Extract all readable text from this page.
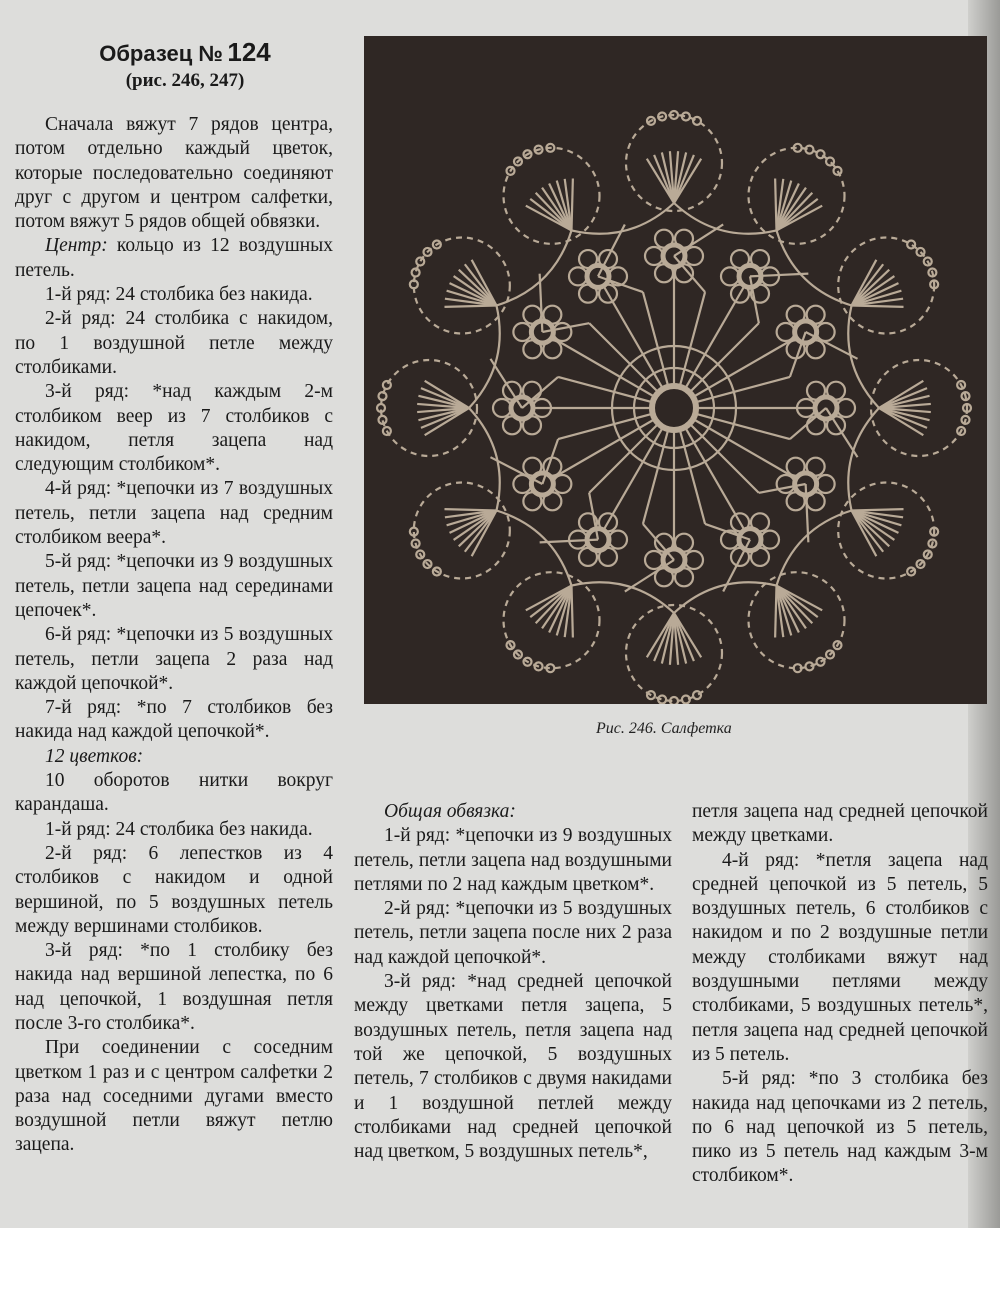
Образец № 124
(рис. 246, 247)

Сначала вяжут 7 рядов центра, потом отдельно каждый цветок, которые последовательно соединяют друг с другом и центром салфетки, потом вяжут 5 рядов общей обвязки.

Центр: кольцо из 12 воздушных петель.

1-й ряд: 24 столбика без накида.

2-й ряд: 24 столбика с накидом, по 1 воздушной петле между столбиками.

3-й ряд: *над каждым 2-м столбиком веер из 7 столбиков с накидом, петля зацепа над следующим столбиком*.

4-й ряд: *цепочки из 7 воздушных петель, петли зацепа над средним столбиком веера*.

5-й ряд: *цепочки из 9 воздушных петель, петли зацепа над серединами цепочек*.

6-й ряд: *цепочки из 5 воздушных петель, петли зацепа 2 раза над каждой цепочкой*.

7-й ряд: *по 7 столбиков без накида над каждой цепочкой*.

12 цветков:

10 оборотов нитки вокруг карандаша.

1-й ряд: 24 столбика без накида.

2-й ряд: 6 лепестков из 4 столбиков с накидом и одной вершиной, по 5 воздушных петель между вершинами столбиков.

3-й ряд: *по 1 столбику без накида над вершиной лепестка, по 6 над цепочкой, 1 воздушная петля после 3-го столбика*.

При соединении с соседним цветком 1 раз и с центром салфетки 2 раза над соседними дугами вместо воздушной петли вяжут петлю зацепа.

Рис. 246. Салфетка

Общая обвязка:

1-й ряд: *цепочки из 9 воздушных петель, петли зацепа над воздушными петлями по 2 над каждым цветком*.

2-й ряд: *цепочки из 5 воздушных петель, петли зацепа после них 2 раза над каждой цепочкой*.

3-й ряд: *над средней цепочкой между цветками петля зацепа, 5 воздушных петель, петля зацепа над той же цепочкой, 5 воздушных петель, 7 столбиков с двумя накидами и 1 воздушной петлей между столбиками над средней цепочкой над цветком, 5 воздушных петель*,

петля зацепа над средней цепочкой между цветками.

4-й ряд: *петля зацепа над средней цепочкой из 5 петель, 5 воздушных петель, 6 столбиков с накидом и по 2 воздушные петли между столбиками вяжут над воздушными петлями между столбиками, 5 воздушных петель*, петля зацепа над средней цепочкой из 5 петель.

5-й ряд: *по 3 столбика без накида над цепочками из 2 петель, по 6 над цепочкой из 5 петель, пико из 5 петель над каждым 3-м столбиком*.
